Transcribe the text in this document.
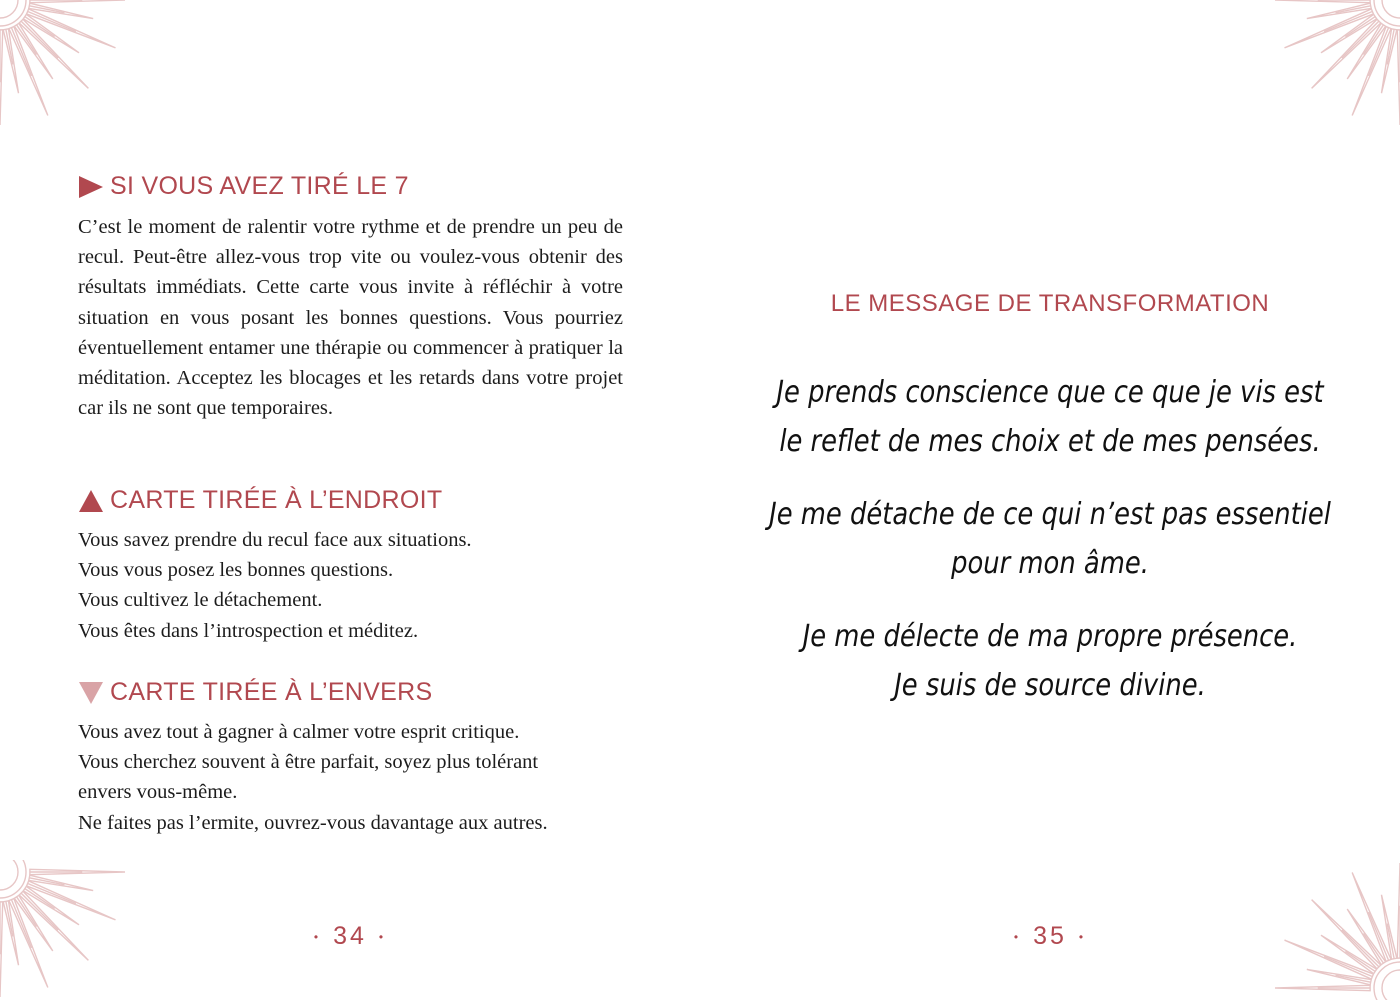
SI VOUS AVEZ TIRÉ LE 7
C’est le moment de ralentir votre rythme et de prendre un peu de recul. Peut-être allez-vous trop vite ou voulez-vous obtenir des résultats immédiats. Cette carte vous invite à réfléchir à votre situation en vous posant les bonnes questions. Vous pourriez éventuellement entamer une thérapie ou commencer à pratiquer la méditation. Acceptez les blocages et les retards dans votre projet car ils ne sont que temporaires.
CARTE TIRÉE À L’ENDROIT
Vous savez prendre du recul face aux situations.
Vous vous posez les bonnes questions.
Vous cultivez le détachement.
Vous êtes dans l’introspection et méditez.
CARTE TIRÉE À L’ENVERS
Vous avez tout à gagner à calmer votre esprit critique.
Vous cherchez souvent à être parfait, soyez plus tolérant
envers vous-même.
Ne faites pas l’ermite, ouvrez-vous davantage aux autres.
• 34 •
LE MESSAGE DE TRANSFORMATION
Je prends conscience que ce que je vis est
le reflet de mes choix et de mes pensées.
Je me détache de ce qui n’est pas essentiel
pour mon âme.
Je me délecte de ma propre présence.
Je suis de source divine.
• 35 •
